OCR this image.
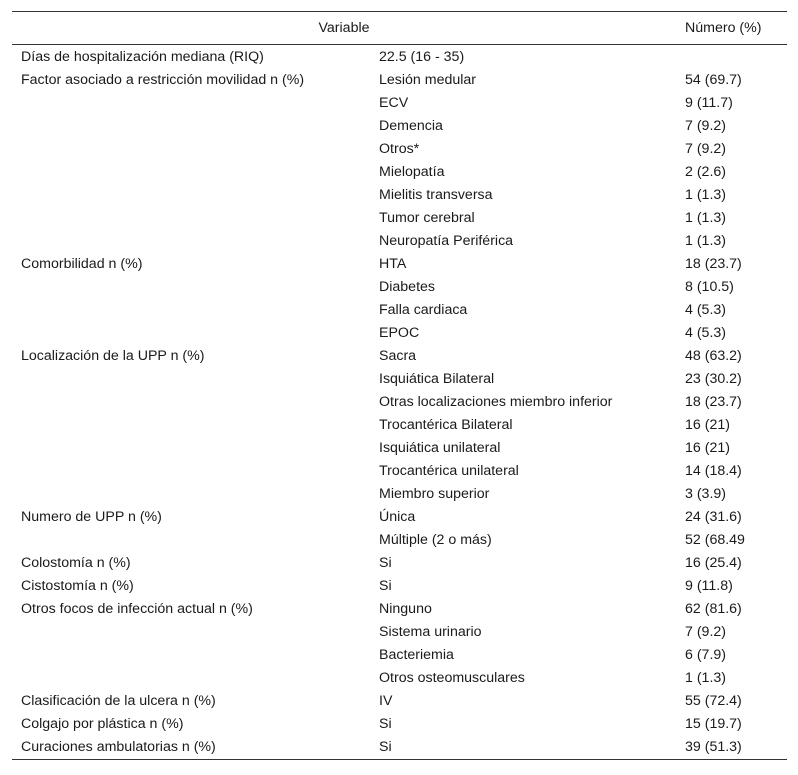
Variable		Número (%)
Días de hospitalización mediana (RIQ)	22.5 (16 - 35)	
Factor asociado a restricción movilidad n (%)	Lesión medular	54 (69.7)
	ECV	9 (11.7)
	Demencia	7 (9.2)
	Otros*	7 (9.2)
	Mielopatía	2 (2.6)
	Mielitis transversa	1 (1.3)
	Tumor cerebral	1 (1.3)
	Neuropatía Periférica	1 (1.3)
Comorbilidad n (%)	HTA	18 (23.7)
	Diabetes	8 (10.5)
	Falla cardiaca	4 (5.3)
	EPOC	4 (5.3)
Localización de la UPP n (%)	Sacra	48 (63.2)
	Isquiática Bilateral	23 (30.2)
	Otras localizaciones miembro inferior	18 (23.7)
	Trocantérica Bilateral	16 (21)
	Isquiática unilateral	16 (21)
	Trocantérica unilateral	14 (18.4)
	Miembro superior	3 (3.9)
Numero de UPP n (%)	Única	24 (31.6)
	Múltiple (2 o más)	52 (68.49
Colostomía n (%)	Si	16 (25.4)
Cistostomía n (%)	Si	9 (11.8)
Otros focos de infección actual n (%)	Ninguno	62 (81.6)
	Sistema urinario	7 (9.2)
	Bacteriemia	6 (7.9)
	Otros osteomusculares	1 (1.3)
Clasificación de la ulcera n (%)	IV	55 (72.4)
Colgajo por plástica n (%)	Si	15 (19.7)
Curaciones ambulatorias n (%)	Si	39 (51.3)
